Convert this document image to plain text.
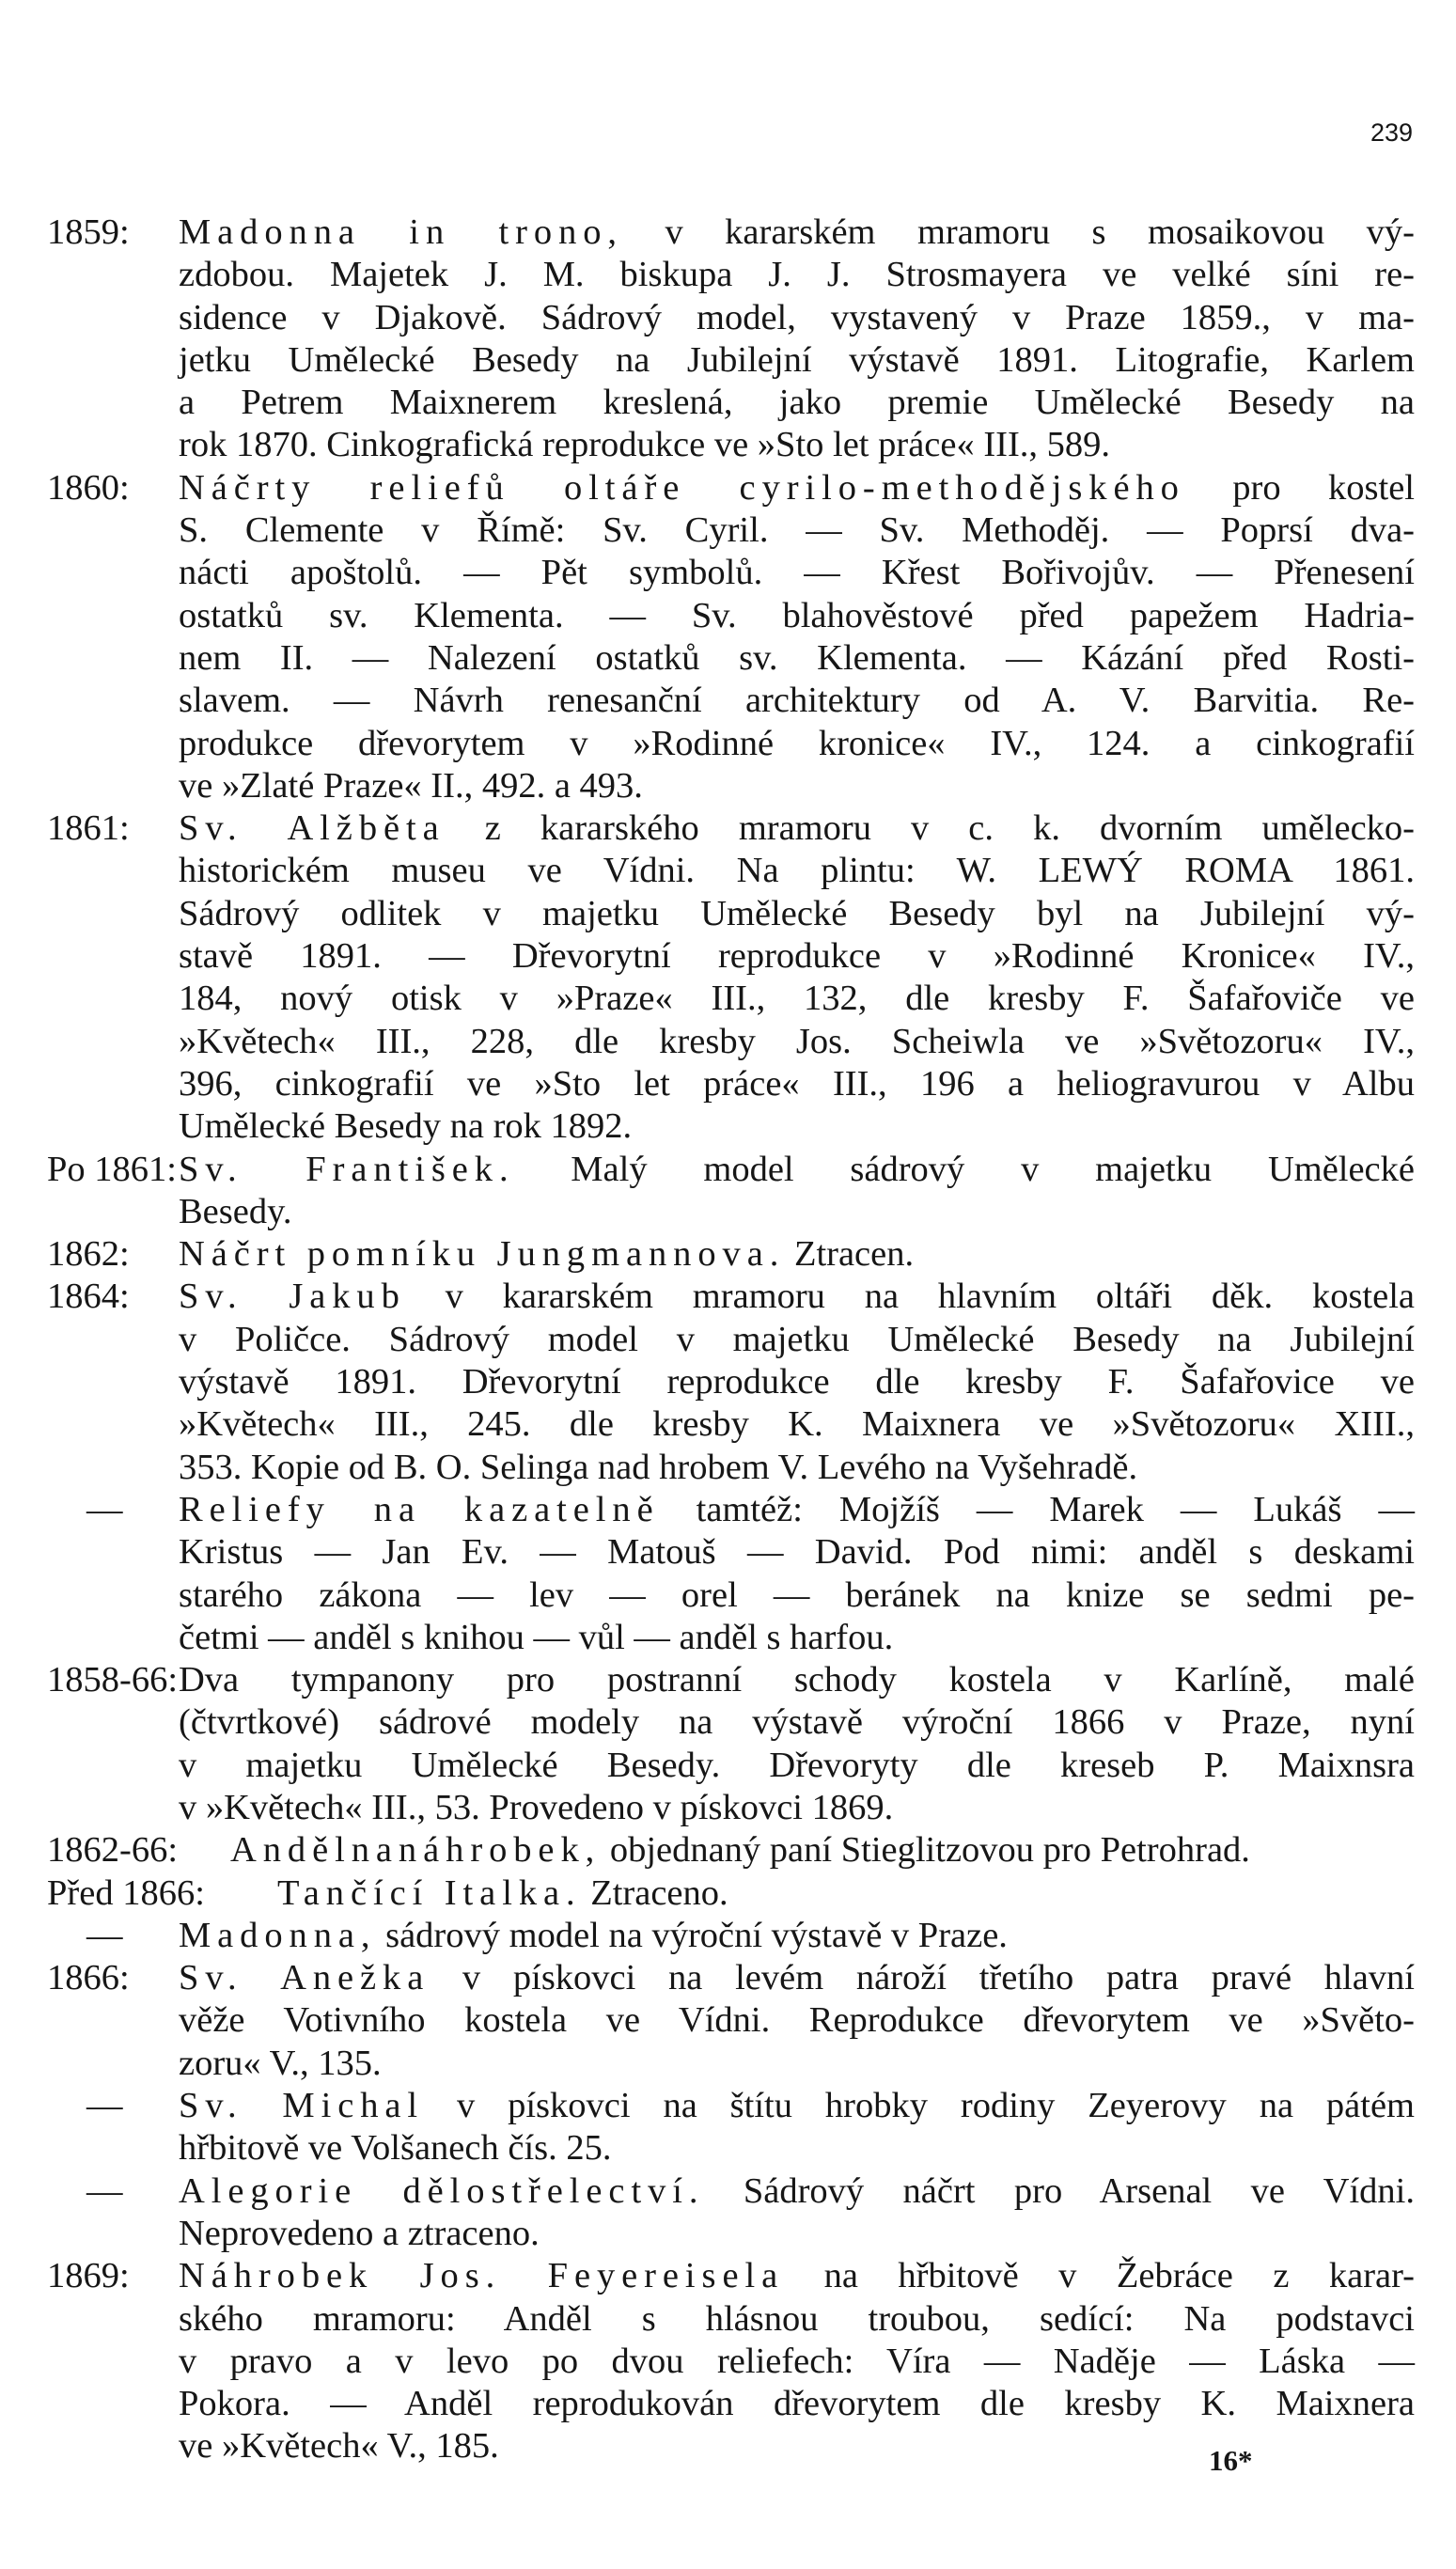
239
1859:	Madonna in trono, v kararském mramoru s mosaikovou vý-
zdobou. Majetek J. M. biskupa J. J. Strosmayera ve velké síni re-
sidence v Djakově. Sádrový model, vystavený v Praze 1859., v ma-
jetku Umělecké Besedy na Jubilejní výstavě 1891. Litografie, Karlem
a Petrem Maixnerem kreslená, jako premie Umělecké Besedy na
rok 1870. Cinkografická reprodukce ve »Sto let práce« III., 589.
1860:	Náčrty reliefů oltáře cyrilo-methodějského pro kostel
S. Clemente v Římě: Sv. Cyril. — Sv. Methoděj. — Poprsí dva-
nácti apoštolů. — Pět symbolů. — Křest Bořivojův. — Přenesení
ostatků sv. Klementa. — Sv. blahověstové před papežem Hadria-
nem II. — Nalezení ostatků sv. Klementa. — Kázání před Rosti-
slavem. — Návrh renesanční architektury od A. V. Barvitia. Re-
produkce dřevorytem v »Rodinné kronice« IV., 124. a cinkografií
ve »Zlaté Praze« II., 492. a 493.
1861:	Sv. Alžběta z kararského mramoru v c. k. dvorním umělecko-
historickém museu ve Vídni. Na plintu: W. LEWÝ ROMA 1861.
Sádrový odlitek v majetku Umělecké Besedy byl na Jubilejní vý-
stavě 1891. — Dřevorytní reprodukce v »Rodinné Kronice« IV.,
184, nový otisk v »Praze« III., 132, dle kresby F. Šafařoviče ve
»Květech« III., 228, dle kresby Jos. Scheiwla ve »Světozoru« IV.,
396, cinkografií ve »Sto let práce« III., 196 a heliogravurou v Albu
Umělecké Besedy na rok 1892.
Po 1861: Sv. František. Malý model sádrový v majetku Umělecké
Besedy.
1862:	Náčrt pomníku Jungmannova. Ztracen.
1864:	Sv. Jakub v kararském mramoru na hlavním oltáři děk. kostela
v Poličce. Sádrový model v majetku Umělecké Besedy na Jubilejní
výstavě 1891. Dřevorytní reprodukce dle kresby F. Šafařovice ve
»Květech« III., 245. dle kresby K. Maixnera ve »Světozoru« XIII.,
353. Kopie od B. O. Selinga nad hrobem V. Levého na Vyšehradě.
—	Reliefy na kazatelně tamtéž: Mojžíš — Marek — Lukáš —
Kristus — Jan Ev. — Matouš — David. Pod nimi: anděl s deskami
starého zákona — lev — orel — beránek na knize se sedmi pe-
četmi — anděl s knihou — vůl — anděl s harfou.
1858-66: Dva tympanony pro postranní schody kostela v Karlíně, malé
(čtvrtkové) sádrové modely na výstavě výroční 1866 v Praze, nyní
v majetku Umělecké Besedy. Dřevoryty dle kreseb P. Maixnsra
v »Květech« III., 53. Provedeno v pískovci 1869.
1862-66:	Andělnanáhrobek, objednaný paní Stieglitzovou pro Petrohrad.
Před 1866:	Tančící Italka. Ztraceno.
—	Madonna, sádrový model na výroční výstavě v Praze.
1866:	Sv. Anežka v pískovci na levém nároží třetího patra pravé hlavní
věže Votivního kostela ve Vídni. Reprodukce dřevorytem ve »Světo-
zoru« V., 135.
—	Sv. Michal v pískovci na štítu hrobky rodiny Zeyerovy na pátém
hřbitově ve Volšanech čís. 25.
—	Alegorie dělostřelectví. Sádrový náčrt pro Arsenal ve Vídni.
Neprovedeno a ztraceno.
1869:	Náhrobek Jos. Feyereisela na hřbitově v Žebráce z karar-
ského mramoru: Anděl s hlásnou troubou, sedící: Na podstavci
v pravo a v levo po dvou reliefech: Víra — Naděje — Láska —
Pokora. — Anděl reprodukován dřevorytem dle kresby K. Maixnera
ve »Květech« V., 185.	16*
